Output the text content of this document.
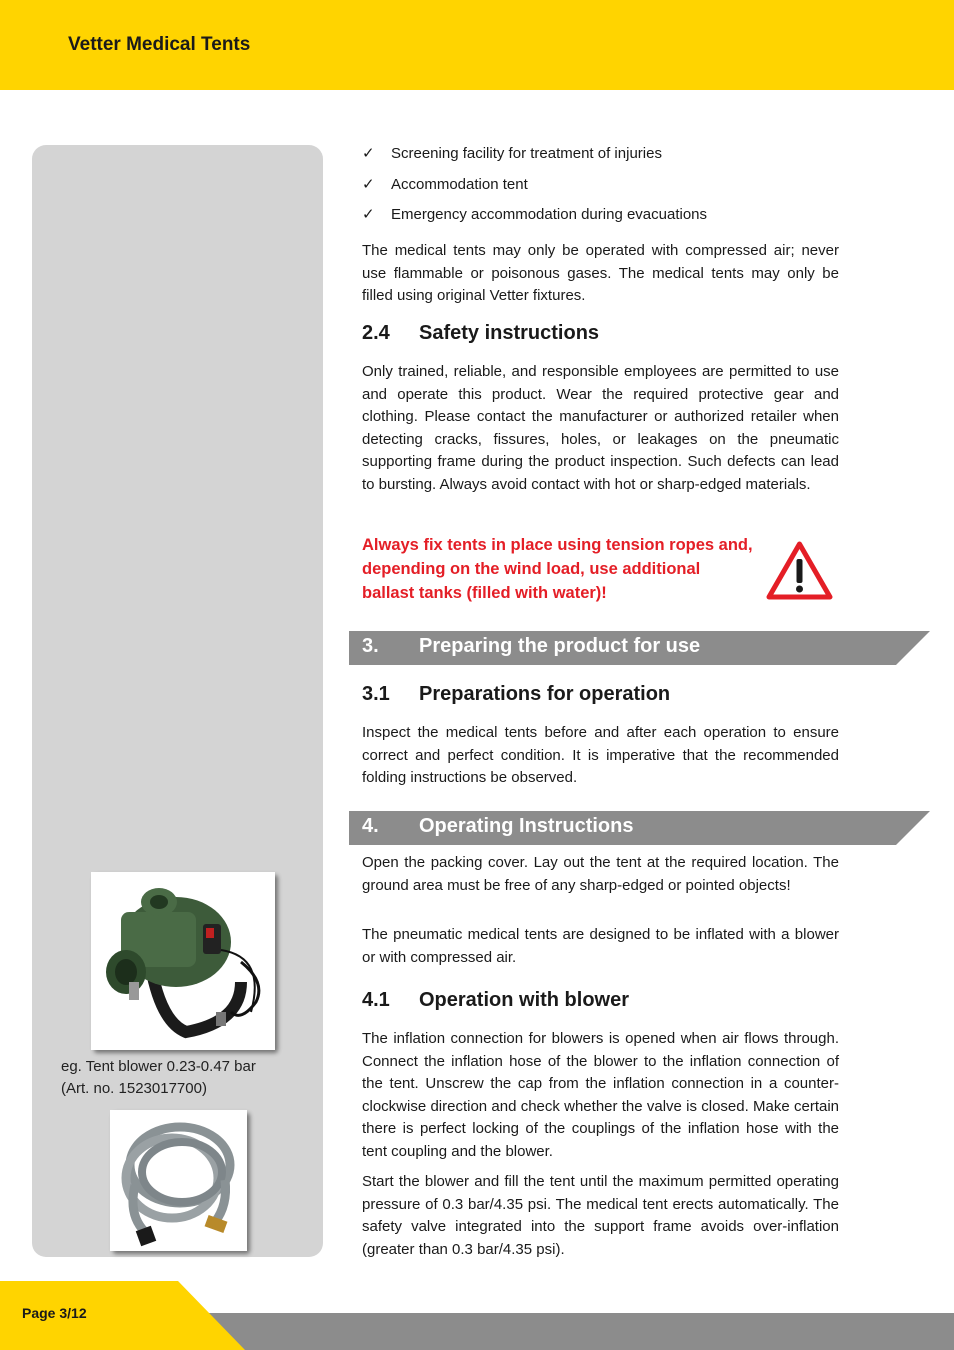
Vetter Medical Tents
eg. Tent blower 0.23-0.47 bar
(Art. no. 1523017700)
✓	Screening facility for treatment of injuries
✓	Accommodation tent
✓	Emergency accommodation during evacuations

The medical tents may only be operated with compressed air; never use flammable or poisonous gases. The medical tents may only be filled using original Vetter fixtures.

2.4 Safety instructions

Only trained, reliable, and responsible employees are permitted to use and operate this product. Wear the required protective gear and clothing. Please contact the manufacturer or authorized retailer when detecting cracks, fissures, holes, or leakages on the pneumatic supporting frame during the product inspection. Such defects can lead to bursting. Always avoid contact with hot or sharp-edged materials.

Always fix tents in place using tension ropes and, depending on the wind load, use additional ballast tanks (filled with water)!
3. Preparing the product for use
3.1 Preparations for operation

Inspect the medical tents before and after each operation to ensure correct and perfect condition. It is imperative that the recommended folding instructions be observed.

4. Operating Instructions

Open the packing cover. Lay out the tent at the required location. The ground area must be free of any sharp-edged or pointed objects!

The pneumatic medical tents are designed to be inflated with a blower or with compressed air.

4.1 Operation with blower

The inflation connection for blowers is opened when air flows through. Connect the inflation hose of the blower to the inflation connection of the tent. Unscrew the cap from the inflation connection in a counter-clockwise direction and check whether the valve is closed. Make certain there is perfect locking of the couplings of the inflation hose with the tent coupling and the blower.

Start the blower and fill the tent until the maximum permitted operating pressure of 0.3 bar/4.35 psi. The medical tent erects automatically. The safety valve integrated into the support frame avoids over-inflation (greater than 0.3 bar/4.35 psi).

Page 3/12
